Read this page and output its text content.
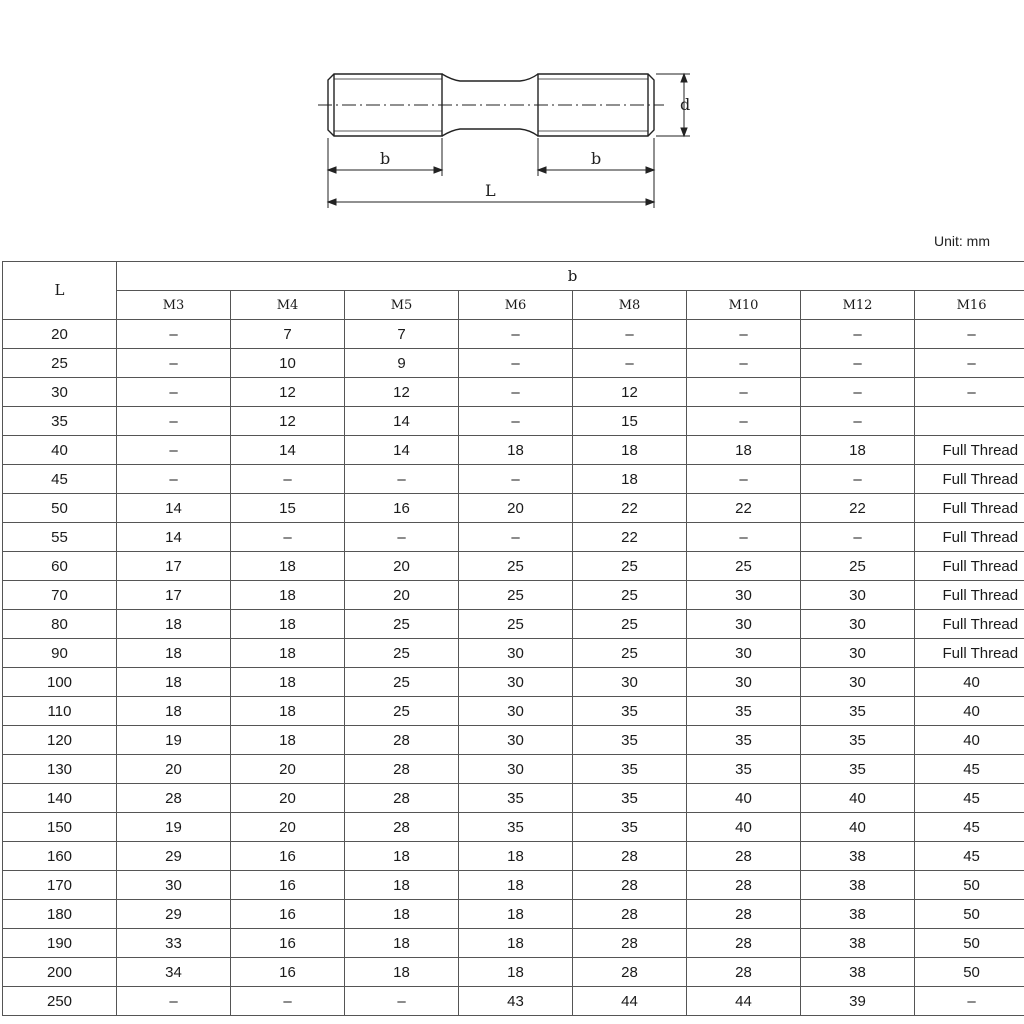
d
b	b
L
Unit: mm
L	b							
	M3	M4	M5	M6	M8	M10	M12	M16
20	–	7	7	–	–	–	–	–
25	–	10	9	–	–	–	–	–
30	–	12	12	–	12	–	–	–
35	–	12	14	–	15	–	–	
40	–	14	14	18	18	18	18	Full Thread
45	–	–	–	–	18	–	–	Full Thread
50	14	15	16	20	22	22	22	Full Thread
55	14	–	–	–	22	–	–	Full Thread
60	17	18	20	25	25	25	25	Full Thread
70	17	18	20	25	25	30	30	Full Thread
80	18	18	25	25	25	30	30	Full Thread
90	18	18	25	30	25	30	30	Full Thread
100	18	18	25	30	30	30	30	40
110	18	18	25	30	35	35	35	40
120	19	18	28	30	35	35	35	40
130	20	20	28	30	35	35	35	45
140	28	20	28	35	35	40	40	45
150	19	20	28	35	35	40	40	45
160	29	16	18	18	28	28	38	45
170	30	16	18	18	28	28	38	50
180	29	16	18	18	28	28	38	50
190	33	16	18	18	28	28	38	50
200	34	16	18	18	28	28	38	50
250	–	–	–	43	44	44	39	–
